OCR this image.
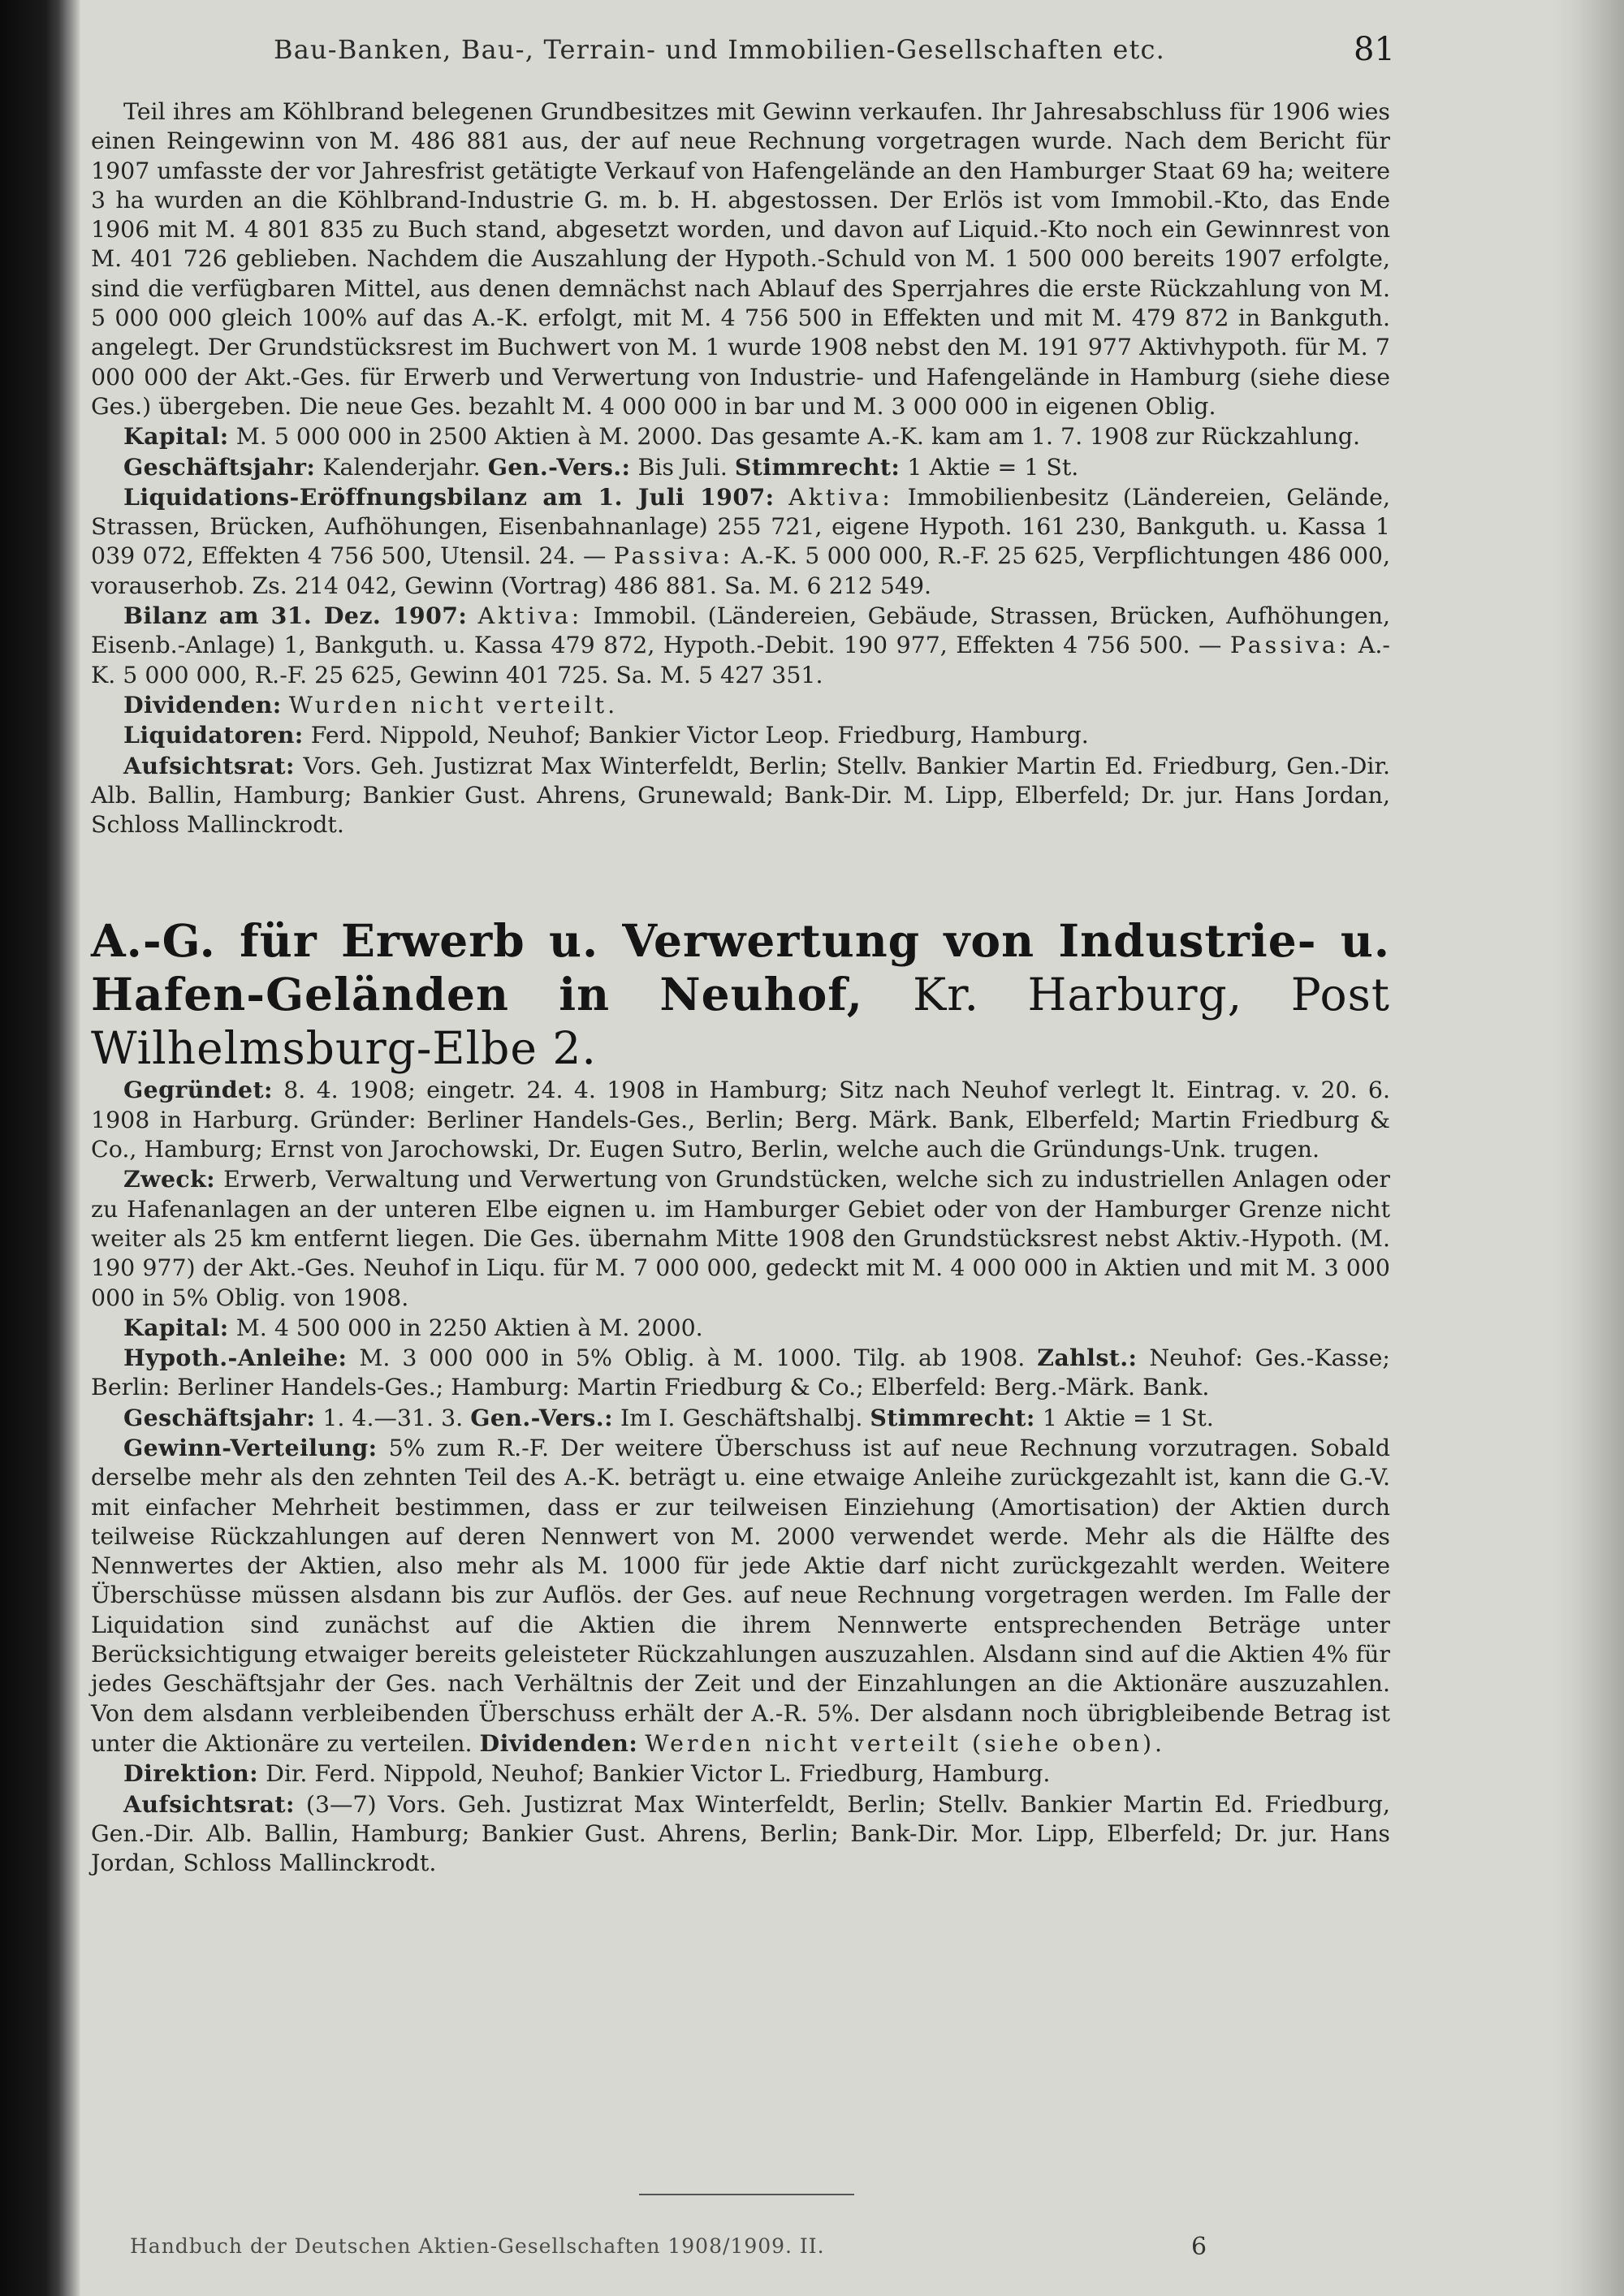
Bau-Banken, Bau-, Terrain- und Immobilien-Gesellschaften etc.	81

Teil ihres am Köhlbrand belegenen Grundbesitzes mit Gewinn verkaufen. Ihr Jahresabschluss für 1906 wies einen Reingewinn von M. 486 881 aus, der auf neue Rechnung vorgetragen wurde. Nach dem Bericht für 1907 umfasste der vor Jahresfrist getätigte Verkauf von Hafengelände an den Hamburger Staat 69 ha; weitere 3 ha wurden an die Köhlbrand-Industrie G. m. b. H. abgestossen. Der Erlös ist vom Immobil.-Kto, das Ende 1906 mit M. 4 801 835 zu Buch stand, abgesetzt worden, und davon auf Liquid.-Kto noch ein Gewinnrest von M. 401 726 geblieben. Nachdem die Auszahlung der Hypoth.-Schuld von M. 1 500 000 bereits 1907 erfolgte, sind die verfügbaren Mittel, aus denen demnächst nach Ablauf des Sperrjahres die erste Rückzahlung von M. 5 000 000 gleich 100% auf das A.-K. erfolgt, mit M. 4 756 500 in Effekten und mit M. 479 872 in Bankguth. angelegt. Der Grundstücksrest im Buchwert von M. 1 wurde 1908 nebst den M. 191 977 Aktivhypoth. für M. 7 000 000 der Akt.-Ges. für Erwerb und Verwertung von Industrie- und Hafengelände in Hamburg (siehe diese Ges.) übergeben. Die neue Ges. bezahlt M. 4 000 000 in bar und M. 3 000 000 in eigenen Oblig.

Kapital: M. 5 000 000 in 2500 Aktien à M. 2000. Das gesamte A.-K. kam am 1. 7. 1908 zur Rückzahlung.

Geschäftsjahr: Kalenderjahr. Gen.-Vers.: Bis Juli. Stimmrecht: 1 Aktie = 1 St.

Liquidations-Eröffnungsbilanz am 1. Juli 1907: Aktiva: Immobilienbesitz (Ländereien, Gelände, Strassen, Brücken, Aufhöhungen, Eisenbahnanlage) 255 721, eigene Hypoth. 161 230, Bankguth. u. Kassa 1 039 072, Effekten 4 756 500, Utensil. 24. — Passiva: A.-K. 5 000 000, R.-F. 25 625, Verpflichtungen 486 000, vorauserhob. Zs. 214 042, Gewinn (Vortrag) 486 881. Sa. M. 6 212 549.

Bilanz am 31. Dez. 1907: Aktiva: Immobil. (Ländereien, Gebäude, Strassen, Brücken, Aufhöhungen, Eisenb.-Anlage) 1, Bankguth. u. Kassa 479 872, Hypoth.-Debit. 190 977, Effekten 4 756 500. — Passiva: A.-K. 5 000 000, R.-F. 25 625, Gewinn 401 725. Sa. M. 5 427 351.

Dividenden: Wurden nicht verteilt.

Liquidatoren: Ferd. Nippold, Neuhof; Bankier Victor Leop. Friedburg, Hamburg.

Aufsichtsrat: Vors. Geh. Justizrat Max Winterfeldt, Berlin; Stellv. Bankier Martin Ed. Friedburg, Gen.-Dir. Alb. Ballin, Hamburg; Bankier Gust. Ahrens, Grunewald; Bank-Dir. M. Lipp, Elberfeld; Dr. jur. Hans Jordan, Schloss Mallinckrodt.

A.-G. für Erwerb u. Verwertung von Industrie- u. Hafen-Geländen in Neuhof, Kr. Harburg, Post Wilhelmsburg-Elbe 2.

Gegründet: 8. 4. 1908; eingetr. 24. 4. 1908 in Hamburg; Sitz nach Neuhof verlegt lt. Eintrag. v. 20. 6. 1908 in Harburg. Gründer: Berliner Handels-Ges., Berlin; Berg. Märk. Bank, Elberfeld; Martin Friedburg & Co., Hamburg; Ernst von Jarochowski, Dr. Eugen Sutro, Berlin, welche auch die Gründungs-Unk. trugen.

Zweck: Erwerb, Verwaltung und Verwertung von Grundstücken, welche sich zu industriellen Anlagen oder zu Hafenanlagen an der unteren Elbe eignen u. im Hamburger Gebiet oder von der Hamburger Grenze nicht weiter als 25 km entfernt liegen. Die Ges. übernahm Mitte 1908 den Grundstücksrest nebst Aktiv.-Hypoth. (M. 190 977) der Akt.-Ges. Neuhof in Liqu. für M. 7 000 000, gedeckt mit M. 4 000 000 in Aktien und mit M. 3 000 000 in 5% Oblig. von 1908.

Kapital: M. 4 500 000 in 2250 Aktien à M. 2000.

Hypoth.-Anleihe: M. 3 000 000 in 5% Oblig. à M. 1000. Tilg. ab 1908. Zahlst.: Neuhof: Ges.-Kasse; Berlin: Berliner Handels-Ges.; Hamburg: Martin Friedburg & Co.; Elberfeld: Berg.-Märk. Bank.

Geschäftsjahr: 1. 4.—31. 3. Gen.-Vers.: Im I. Geschäftshalbj. Stimmrecht: 1 Aktie = 1 St.

Gewinn-Verteilung: 5% zum R.-F. Der weitere Überschuss ist auf neue Rechnung vorzutragen. Sobald derselbe mehr als den zehnten Teil des A.-K. beträgt u. eine etwaige Anleihe zurückgezahlt ist, kann die G.-V. mit einfacher Mehrheit bestimmen, dass er zur teilweisen Einziehung (Amortisation) der Aktien durch teilweise Rückzahlungen auf deren Nennwert von M. 2000 verwendet werde. Mehr als die Hälfte des Nennwertes der Aktien, also mehr als M. 1000 für jede Aktie darf nicht zurückgezahlt werden. Weitere Überschüsse müssen alsdann bis zur Auflös. der Ges. auf neue Rechnung vorgetragen werden. Im Falle der Liquidation sind zunächst auf die Aktien die ihrem Nennwerte entsprechenden Beträge unter Berücksichtigung etwaiger bereits geleisteter Rückzahlungen auszuzahlen. Alsdann sind auf die Aktien 4% für jedes Geschäftsjahr der Ges. nach Verhältnis der Zeit und der Einzahlungen an die Aktionäre auszuzahlen. Von dem alsdann verbleibenden Überschuss erhält der A.-R. 5%. Der alsdann noch übrigbleibende Betrag ist unter die Aktionäre zu verteilen. Dividenden: Werden nicht verteilt (siehe oben).

Direktion: Dir. Ferd. Nippold, Neuhof; Bankier Victor L. Friedburg, Hamburg.

Aufsichtsrat: (3—7) Vors. Geh. Justizrat Max Winterfeldt, Berlin; Stellv. Bankier Martin Ed. Friedburg, Gen.-Dir. Alb. Ballin, Hamburg; Bankier Gust. Ahrens, Berlin; Bank-Dir. Mor. Lipp, Elberfeld; Dr. jur. Hans Jordan, Schloss Mallinckrodt.

Handbuch der Deutschen Aktien-Gesellschaften 1908/1909. II.	6
